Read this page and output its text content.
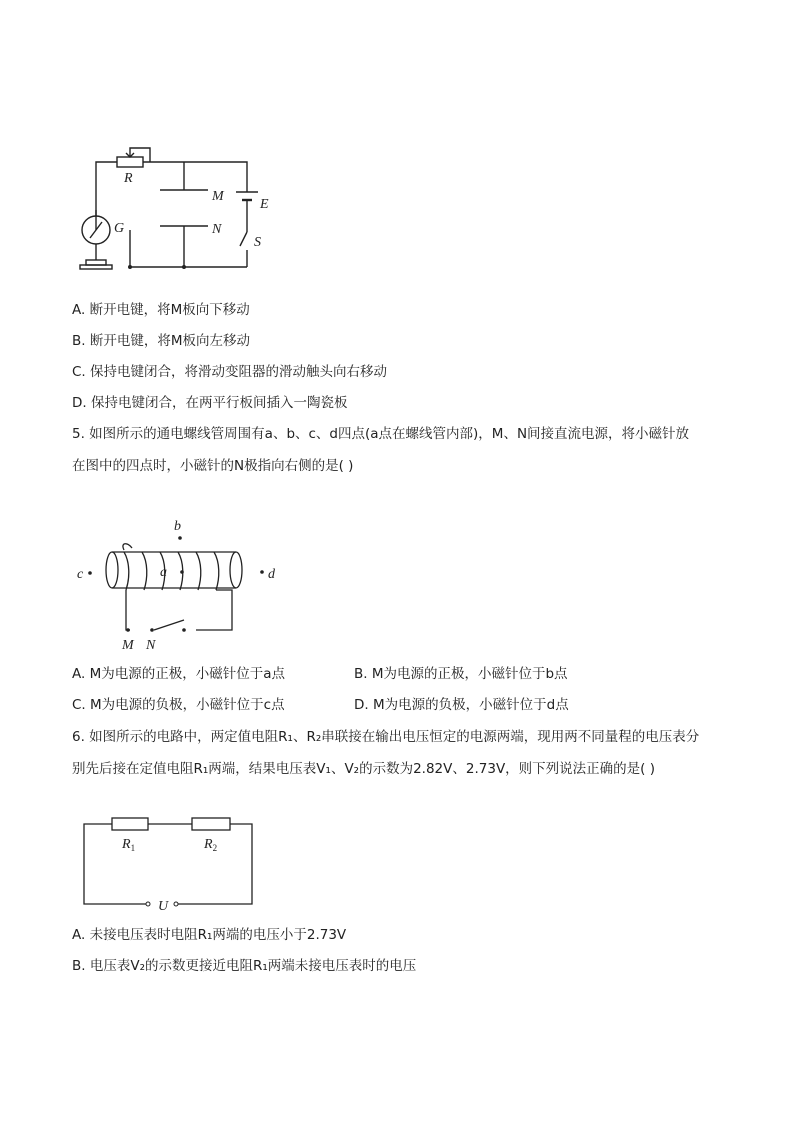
R
M
N
E
S
G
A. 断开电键，将M板向下移动
B. 断开电键，将M板向左移动
C. 保持电键闭合，将滑动变阻器的滑动触头向右移动
D. 保持电键闭合，在两平行板间插入一陶瓷板
5. 如图所示的通电螺线管周围有a、b、c、d四点(a点在螺线管内部)，M、N间接直流电源，将小磁针放
在图中的四点时，小磁针的N极指向右侧的是( )
b
a
c	d
M N
A. M为电源的正极，小磁针位于a点	B. M为电源的正极，小磁针位于b点
C. M为电源的负极，小磁针位于c点	D. M为电源的负极，小磁针位于d点
6. 如图所示的电路中，两定值电阻R₁、R₂串联接在输出电压恒定的电源两端，现用两不同量程的电压表分
别先后接在定值电阻R₁两端，结果电压表V₁、V₂的示数为2.82V、2.73V，则下列说法正确的是( )
$R_1$	$R_2$
U
A. 未接电压表时电阻R₁两端的电压小于2.73V
B. 电压表V₂的示数更接近电阻R₁两端未接电压表时的电压
